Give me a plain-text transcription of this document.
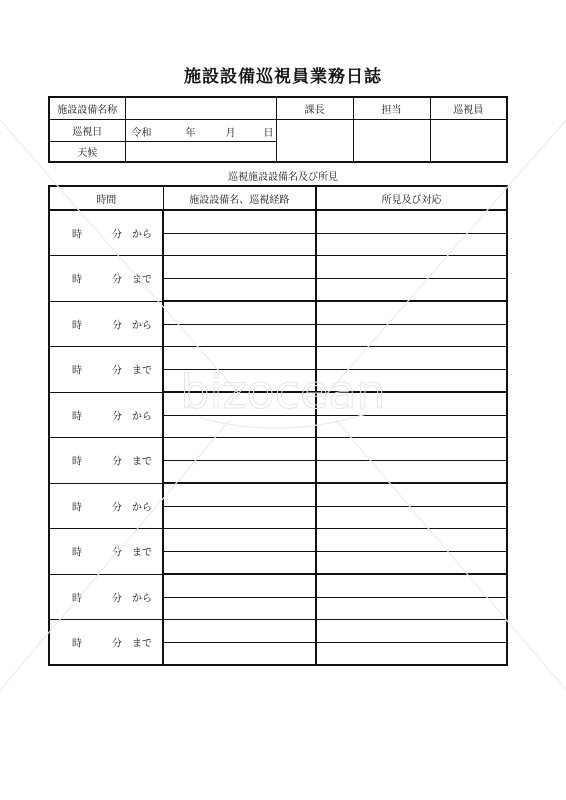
施設設備巡視員業務日誌
施設設備名称		課長	担当	巡視員
巡視日	令和 年 月 日			

天候				
巡視施設設備名及び所見
時間	施設設備名、巡視経路	所見及び対応

時 分 から		

時 分 まで		

時 分 から		

時 分 まで		

時 分 から		

時 分 まで		

時 分 から		

時 分 まで		

時 分 から		

時 分 まで		

bizocean
